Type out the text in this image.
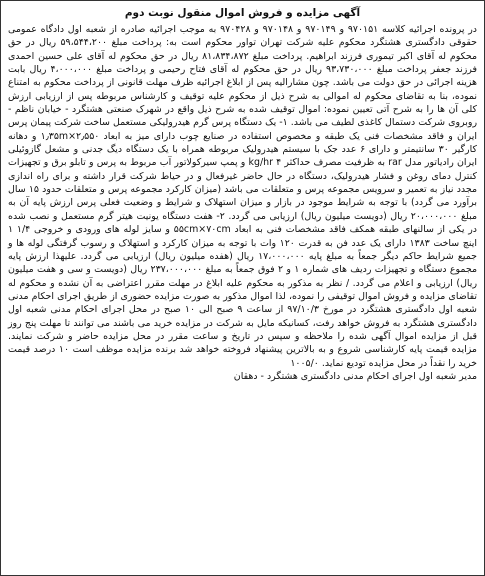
آگهی مزایده و فروش اموال منقول نوبت دوم

در پرونده اجرائیه کلاسه ۹۷۰۱۵۱ و ۹۷۰۱۴۹ و ۹۷۰۱۴۸ و ۹۷۰۴۲۸ به موجب اجرائیه صادره از شعبه اول دادگاه عمومی حقوقی دادگستری هشتگرد محکوم علیه شرکت تهران تواور محکوم است به: پرداخت مبلغ ۵۹،۵۴۴،۲۰۰ ریال در حق محکوم له آقای اکبر تیموری فرزند ابراهیم. پرداخت مبلغ ۸۱،۸۳۴،۸۷۲ ریال در حق محکوم له آقای علی حسین احمدی فرزند جعفر پرداخت مبلغ ۹۳،۷۳۰،۰۰۰ ریال در حق محکوم له آقای فتاح رحیمی و پرداخت مبلغ ۴،۰۰۰،۰۰۰ ریال بابت هزینه اجرائی در حق دولت می باشد. چون مشارالیه پس از ابلاغ اجرائیه ظرف مهلت قانونی از پرداخت محکوم به امتناع نموده، بنا به تقاضای محکوم له اموالی به شرح ذیل از محکوم علیه توقیف و کارشناس مربوطه پس از ارزیابی ارزش کلی آن ها را به شرح آتی تعیین نموده: اموال توقیف شده به شرح ذیل واقع در شهرک صنعتی هشتگرد - خیابان ناظم - روبروی شرکت دستمال کاغذی لطیف می باشد. ۱- یک دستگاه پرس گرم هیدرولیکی مستعمل ساخت شرکت پیمان پرس ایران و فاقد مشخصات فنی یک طبقه و مخصوص استفاده در صنایع چوب دارای میز به ابعاد ۱٫۳۵m×۲٫۵۵۰ و دهانه کارگیر ۳۰ سانتیمتر و دارای ۶ عدد جک با سیستم هیدرولیک مربوطه همراه با یک دستگاه دیگ جدنی و مشعل گازوئیلی ایران رادیاتور مدل rar به ظرفیت مصرف حداکثر kg/hr ۴ و پمپ سیرکولاتور آب مربوط به پرس و تابلو برق و تجهیزات کنترل دمای روغن و فشار هیدرولیک، دستگاه در حال حاضر غیرفعال و در حیاط شرکت قرار داشته و برای راه اندازی مجدد نیاز به تعمیر و سرویس مجموعه پرس و متعلقات می باشد (میزان کارکرد مجموعه پرس و متعلقات حدود ۱۵ سال برآورد می گردد) با توجه به شرایط موجود در بازار و میزان استهلاک و شرایط و وضعیت فعلی پرس ارزش پایه آن به مبلغ ۲۰،۰۰۰،۰۰۰ ریال (دویست میلیون ریال) ارزیابی می گردد. ۲- هفت دستگاه یونیت هیتر گرم مستعمل و نصب شده در یکی از سالنهای طبقه همکف فاقد مشخصات فنی به ابعاد ۵۵cm×۷۰cm و سایز لوله های ورودی و خروجی ۱/۴ ۱ اینچ ساخت ۱۳۸۳ دارای یک عدد فن به قدرت ۱۲۰ وات با توجه به میزان کارکرد و استهلاک و رسوب گرفتگی لوله ها و جمیع شرایط حاکم دیگر جمعاً به مبلغ پایه ۱۷،۰۰۰،۰۰۰ ریال (هفده میلیون ریال) ارزیابی می گردد. علیهذا ارزش پایه مجموع دستگاه و تجهیزات ردیف های شماره ۱ و ۲ فوق جمعاً به مبلغ ۲۳۷،۰۰۰،۰۰۰ ریال (دویست و سی و هفت میلیون ریال) ارزیابی و اعلام می گردد. / نظر به مذکور به محکوم علیه ابلاغ در مهلت مقرر اعتراضی به آن نشده و محکوم له تقاضای مزایده و فروش اموال توقیفی را نموده، لذا اموال مذکور به صورت مزایده حضوری از طریق اجرای احکام مدنی شعبه اول دادگستری هشتگرد در مورخ ۹۷/۱۰/۳ از ساعت ۹ صبح الی ۱۰ صبح در محل اجرای احکام مدنی شعبه اول دادگستری هشتگرد به فروش خواهد رفت، کسانیکه مایل به شرکت در مزایده خرید می باشند می توانند تا مهلت پنج روز قبل از مزایده اموال آگهی شده را ملاحظه و سپس در تاریخ و ساعت مقرر در محل مزایده حاضر و شرکت نمایند. مزایده قیمت پایه کارشناسی شروع و به بالاترین پیشنهاد فروخته خواهد شد برنده مزایده موظف است ۱۰ درصد قیمت خرید را نقداً در محل مزایده تودیع نماید. ۱۰۰۵/۰

مدیر شعبه اول اجرای احکام مدنی دادگستری هشتگرد - دهقان
